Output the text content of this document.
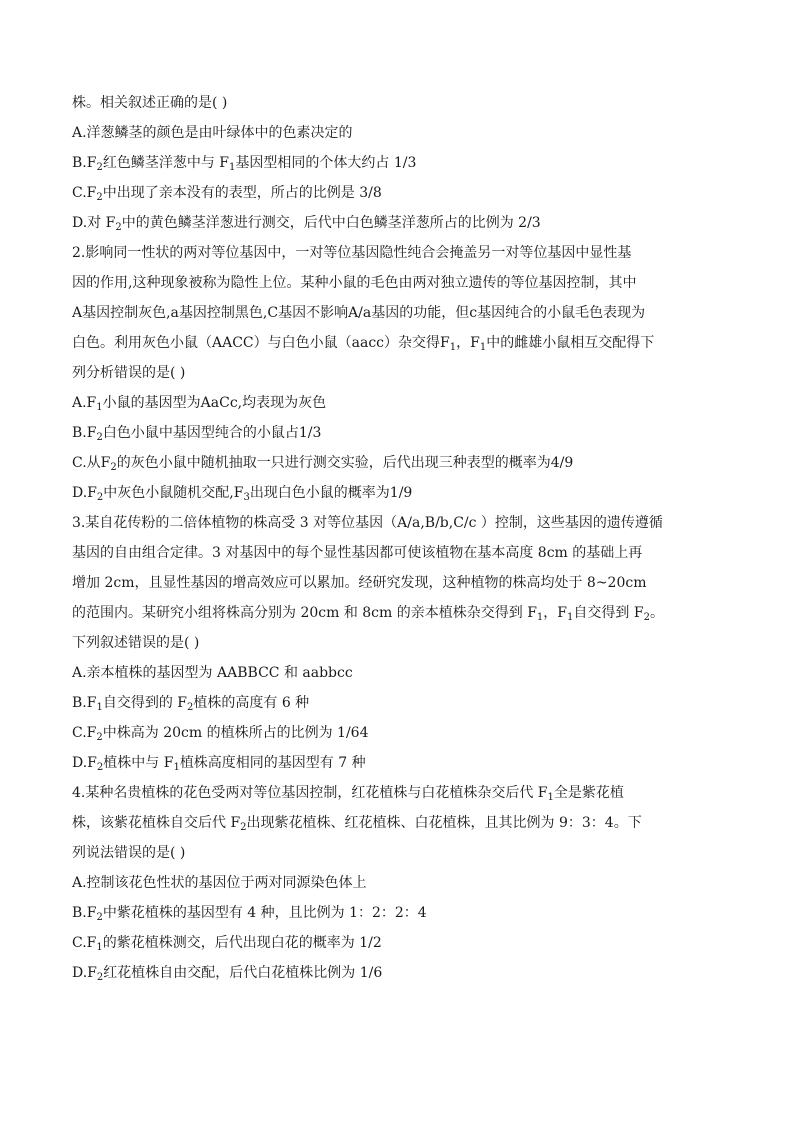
株。相关叙述正确的是( )
A.洋葱鳞茎的颜色是由叶绿体中的色素决定的
$B.F_2$红色鳞茎洋葱中与 $F_1$基因型相同的个体大约占 1/3
$C.F_2$中出现了亲本没有的表型，所占的比例是 3/8
D.对 $F_2$中的黄色鳞茎洋葱进行测交，后代中白色鳞茎洋葱所占的比例为 2/3
2.影响同一性状的两对等位基因中，一对等位基因隐性纯合会掩盖另一对等位基因中显性基
因的作用,这种现象被称为隐性上位。某种小鼠的毛色由两对独立遗传的等位基因控制，其中
A基因控制灰色,a基因控制黑色,C基因不影响A/a基因的功能，但c基因纯合的小鼠毛色表现为
白色。利用灰色小鼠（AACC）与白色小鼠（aacc）杂交得$F_1$，$F_1$中的雌雄小鼠相互交配得下
列分析错误的是( )
$A.F_1$小鼠的基因型为AaCc,均表现为灰色
$B.F_2$白色小鼠中基因型纯合的小鼠占1/3
C.从$F_2$的灰色小鼠中随机抽取一只进行测交实验，后代出现三种表型的概率为4/9
$D.F_2$中灰色小鼠随机交配$,F_3$出现白色小鼠的概率为1/9
3.某自花传粉的二倍体植物的株高受 3 对等位基因（A/a,B/b,C/c ）控制，这些基因的遗传遵循
基因的自由组合定律。3 对基因中的每个显性基因都可使该植物在基本高度 8cm 的基础上再
增加 2cm，且显性基因的增高效应可以累加。经研究发现，这种植物的株高均处于 8~20cm
的范围内。某研究小组将株高分别为 20cm 和 8cm 的亲本植株杂交得到 $F_1$，$F_1$自交得到 $F_2$。
下列叙述错误的是( )
A.亲本植株的基因型为 AABBCC 和 aabbcc
$B.F_1$自交得到的 $F_2$植株的高度有 6 种
$C.F_2$中株高为 20cm 的植株所占的比例为 1/64
$D.F_2$植株中与 $F_1$植株高度相同的基因型有 7 种
4.某种名贵植株的花色受两对等位基因控制，红花植株与白花植株杂交后代 $F_1$全是紫花植
株，该紫花植株自交后代 $F_2$出现紫花植株、红花植株、白花植株，且其比例为 9：3：4。下
列说法错误的是( )
A.控制该花色性状的基因位于两对同源染色体上
$B.F_2$中紫花植株的基因型有 4 种，且比例为 1：2：2：4
$C.F_1$的紫花植株测交，后代出现白花的概率为 1/2
$D.F_2$红花植株自由交配，后代白花植株比例为 1/6
